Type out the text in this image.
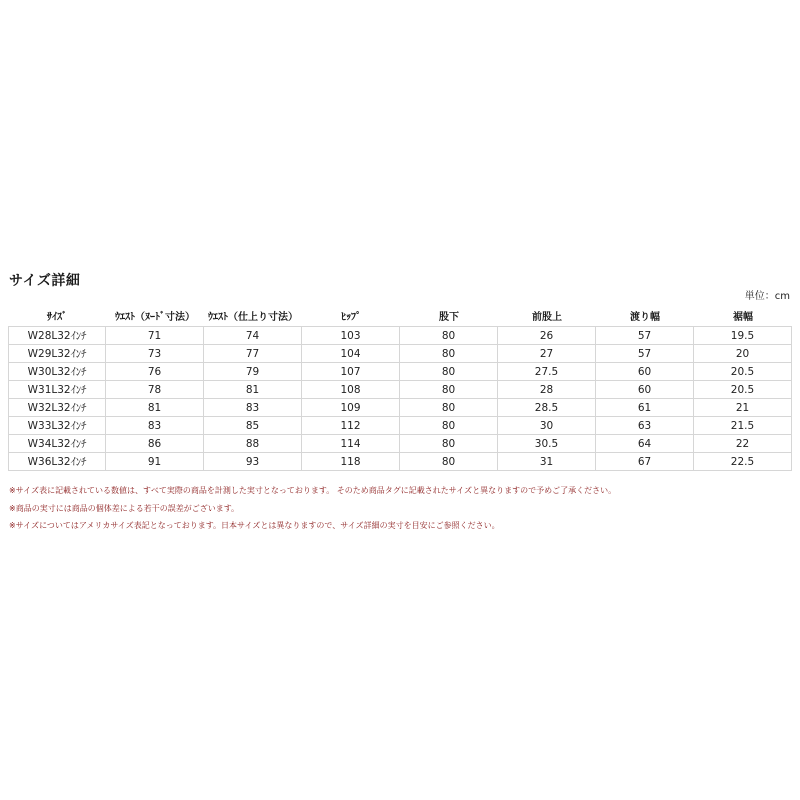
サイズ詳細
単位：cm
ｻｲｽﾞ	ｳｴｽﾄ（ﾇｰﾄﾞ寸法）	ｳｴｽﾄ（仕上り寸法）	ﾋｯﾌﾟ	股下	前股上	渡り幅	裾幅
W28L32ｲﾝﾁ	71	74	103	80	26	57	19.5
W29L32ｲﾝﾁ	73	77	104	80	27	57	20
W30L32ｲﾝﾁ	76	79	107	80	27.5	60	20.5
W31L32ｲﾝﾁ	78	81	108	80	28	60	20.5
W32L32ｲﾝﾁ	81	83	109	80	28.5	61	21
W33L32ｲﾝﾁ	83	85	112	80	30	63	21.5
W34L32ｲﾝﾁ	86	88	114	80	30.5	64	22
W36L32ｲﾝﾁ	91	93	118	80	31	67	22.5
※サイズ表に記載されている数値は、すべて実際の商品を計測した実寸となっております。 そのため商品タグに記載されたサイズと異なりますので予めご了承ください。
※商品の実寸には商品の個体差による若干の誤差がございます。
※サイズについてはアメリカサイズ表記となっております。日本サイズとは異なりますので、サイズ詳細の実寸を目安にご参照ください。
